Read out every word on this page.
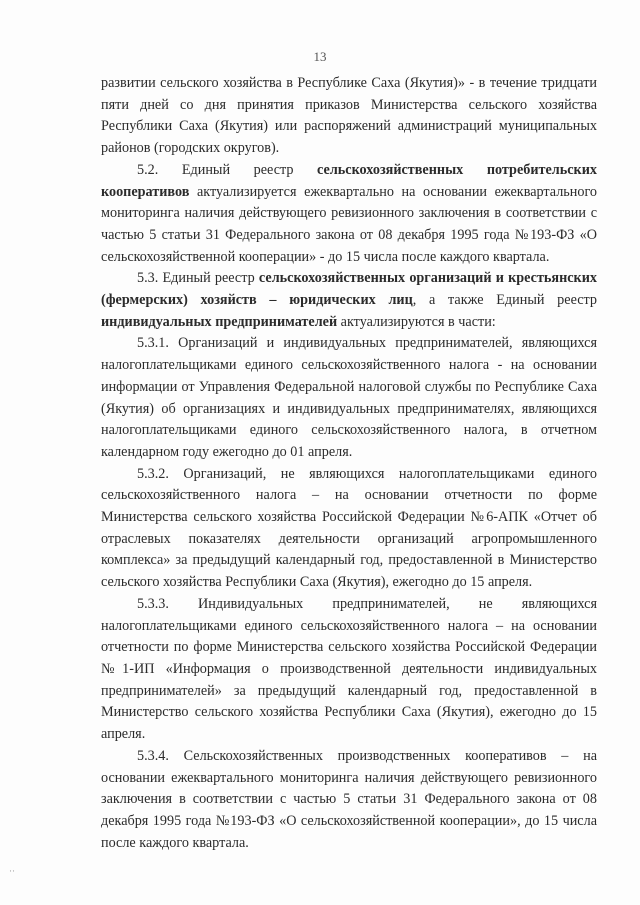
13

развитии сельского хозяйства в Республике Саха (Якутия)» - в течение тридцати пяти дней со дня принятия приказов Министерства сельского хозяйства Республики Саха (Якутия) или распоряжений администраций муниципальных районов (городских округов).

5.2. Единый реестр сельскохозяйственных потребительских кооперативов актуализируется ежеквартально на основании ежеквартального мониторинга наличия действующего ревизионного заключения в соответствии с частью 5 статьи 31 Федерального закона от 08 декабря 1995 года №193-ФЗ «О сельскохозяйственной кооперации» - до 15 числа после каждого квартала.

5.3. Единый реестр сельскохозяйственных организаций и крестьянских (фермерских) хозяйств – юридических лиц, а также Единый реестр индивидуальных предпринимателей актуализируются в части:

5.3.1. Организаций и индивидуальных предпринимателей, являющихся налогоплательщиками единого сельскохозяйственного налога - на основании информации от Управления Федеральной налоговой службы по Республике Саха (Якутия) об организациях и индивидуальных предпринимателях, являющихся налогоплательщиками единого сельскохозяйственного налога, в отчетном календарном году ежегодно до 01 апреля.

5.3.2. Организаций, не являющихся налогоплательщиками единого сельскохозяйственного налога – на основании отчетности по форме Министерства сельского хозяйства Российской Федерации №6-АПК «Отчет об отраслевых показателях деятельности организаций агропромышленного комплекса» за предыдущий календарный год, предоставленной в Министерство сельского хозяйства Республики Саха (Якутия), ежегодно до 15 апреля.

5.3.3. Индивидуальных предпринимателей, не являющихся налогоплательщиками единого сельскохозяйственного налога – на основании отчетности по форме Министерства сельского хозяйства Российской Федерации №1-ИП «Информация о производственной деятельности индивидуальных предпринимателей» за предыдущий календарный год, предоставленной в Министерство сельского хозяйства Республики Саха (Якутия), ежегодно до 15 апреля.

5.3.4. Сельскохозяйственных производственных кооперативов – на основании ежеквартального мониторинга наличия действующего ревизионного заключения в соответствии с частью 5 статьи 31 Федерального закона от 08 декабря 1995 года №193-ФЗ «О сельскохозяйственной кооперации», до 15 числа после каждого квартала.

··
